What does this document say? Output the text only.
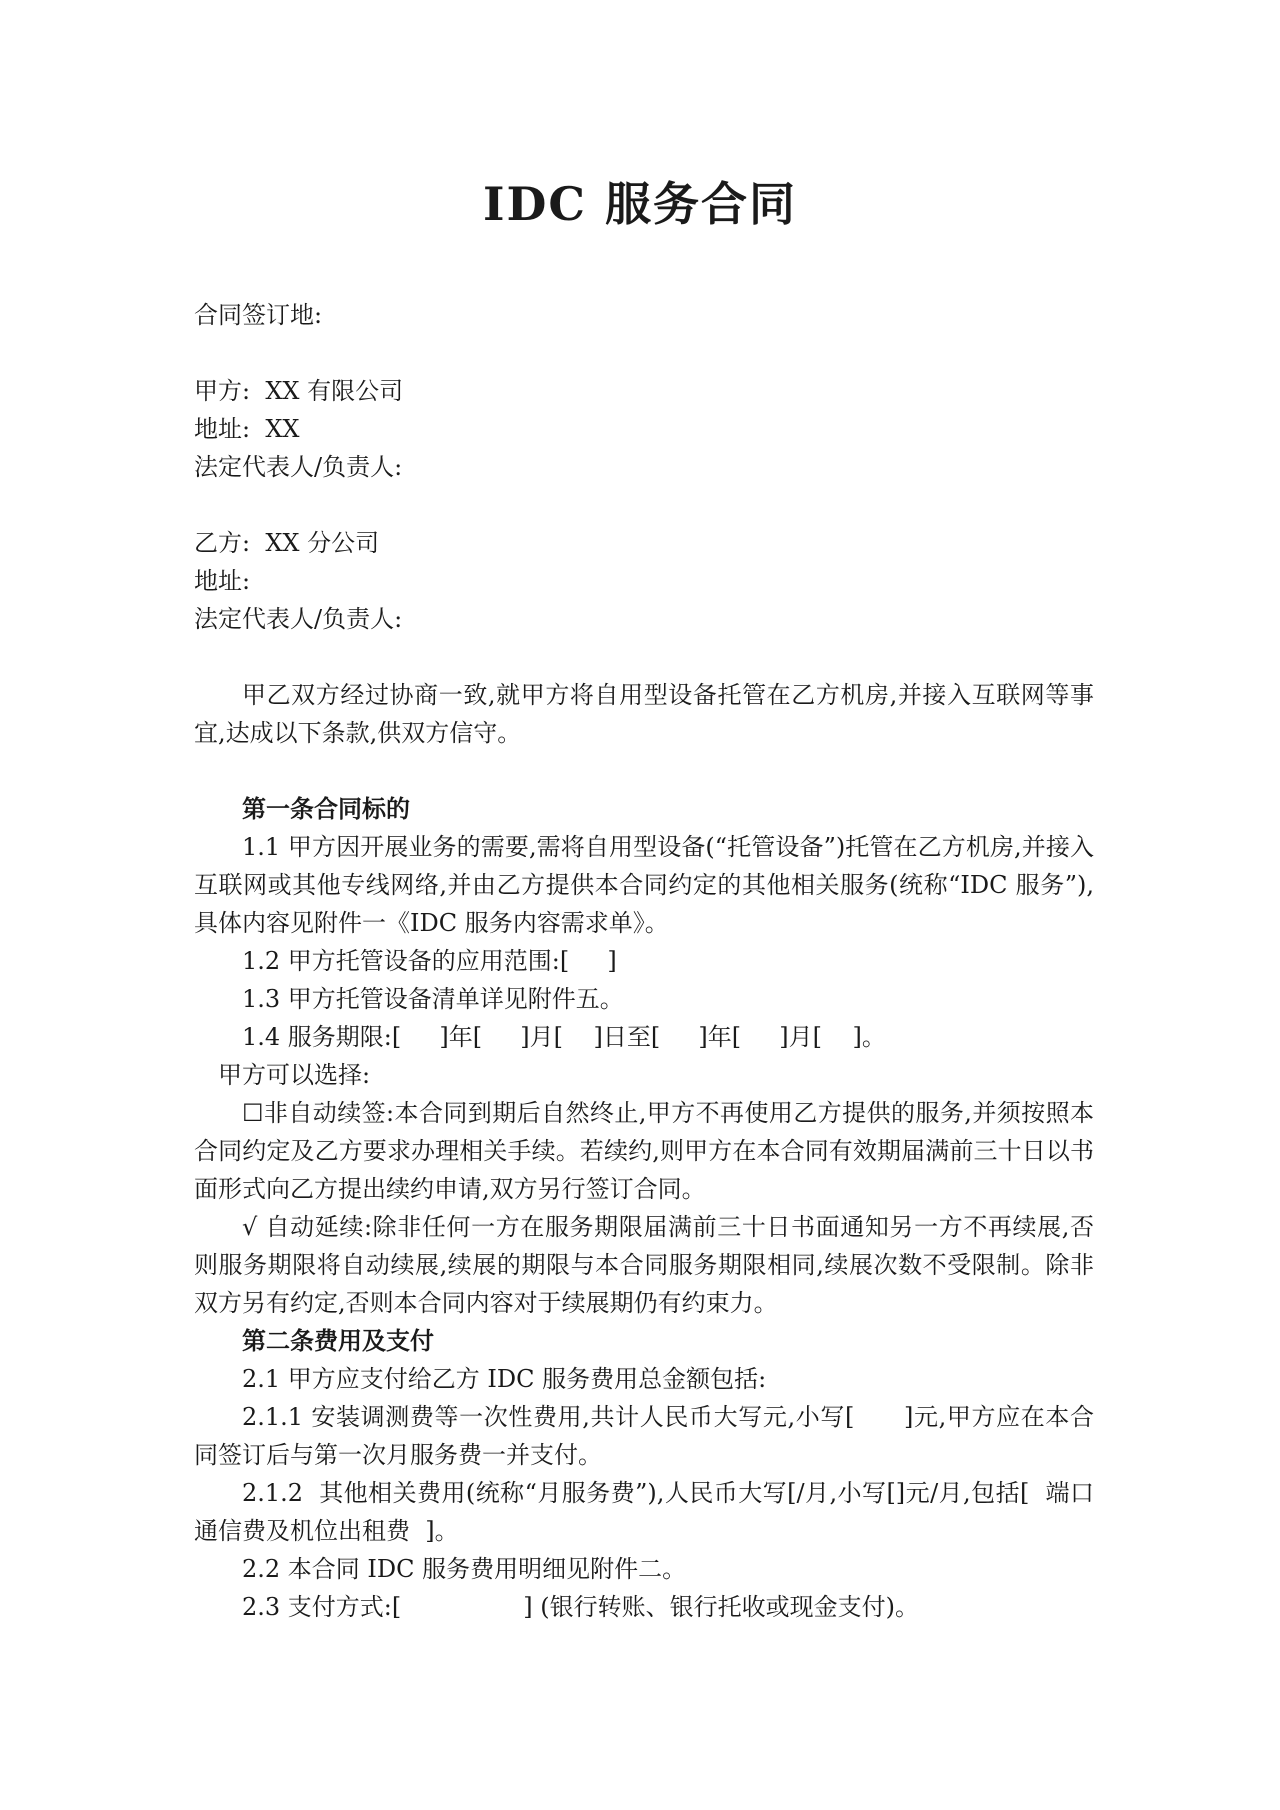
IDC 服务合同

合同签订地:

甲方:  XX 有限公司

地址:  XX

法定代表人/负责人:

乙方:  XX 分公司

地址:

法定代表人/负责人:

甲乙双方经过协商一致,就甲方将自用型设备托管在乙方机房,并接入互联网等事宜,达成以下条款,供双方信守。

第一条合同标的

1.1 甲方因开展业务的需要,需将自用型设备(“托管设备”)托管在乙方机房,并接入互联网或其他专线网络,并由乙方提供本合同约定的其他相关服务(统称“IDC 服务”),具体内容见附件一《IDC 服务内容需求单》。

1.2 甲方托管设备的应用范围:[     ]

1.3 甲方托管设备清单详见附件五。

1.4 服务期限:[     ]年[     ]月[    ]日至[     ]年[     ]月[    ]。

甲方可以选择:

☐非自动续签:本合同到期后自然终止,甲方不再使用乙方提供的服务,并须按照本合同约定及乙方要求办理相关手续。若续约,则甲方在本合同有效期届满前三十日以书面形式向乙方提出续约申请,双方另行签订合同。

√ 自动延续:除非任何一方在服务期限届满前三十日书面通知另一方不再续展,否则服务期限将自动续展,续展的期限与本合同服务期限相同,续展次数不受限制。除非双方另有约定,否则本合同内容对于续展期仍有约束力。

第二条费用及支付

2.1 甲方应支付给乙方 IDC 服务费用总金额包括:

2.1.1 安装调测费等一次性费用,共计人民币大写元,小写[      ]元,甲方应在本合同签订后与第一次月服务费一并支付。

2.1.2  其他相关费用(统称“月服务费”),人民币大写[/月,小写[]元/月,包括[  端口通信费及机位出租费  ]。

2.2 本合同 IDC 服务费用明细见附件二。

2.3 支付方式:[                ] (银行转账、银行托收或现金支付)。
